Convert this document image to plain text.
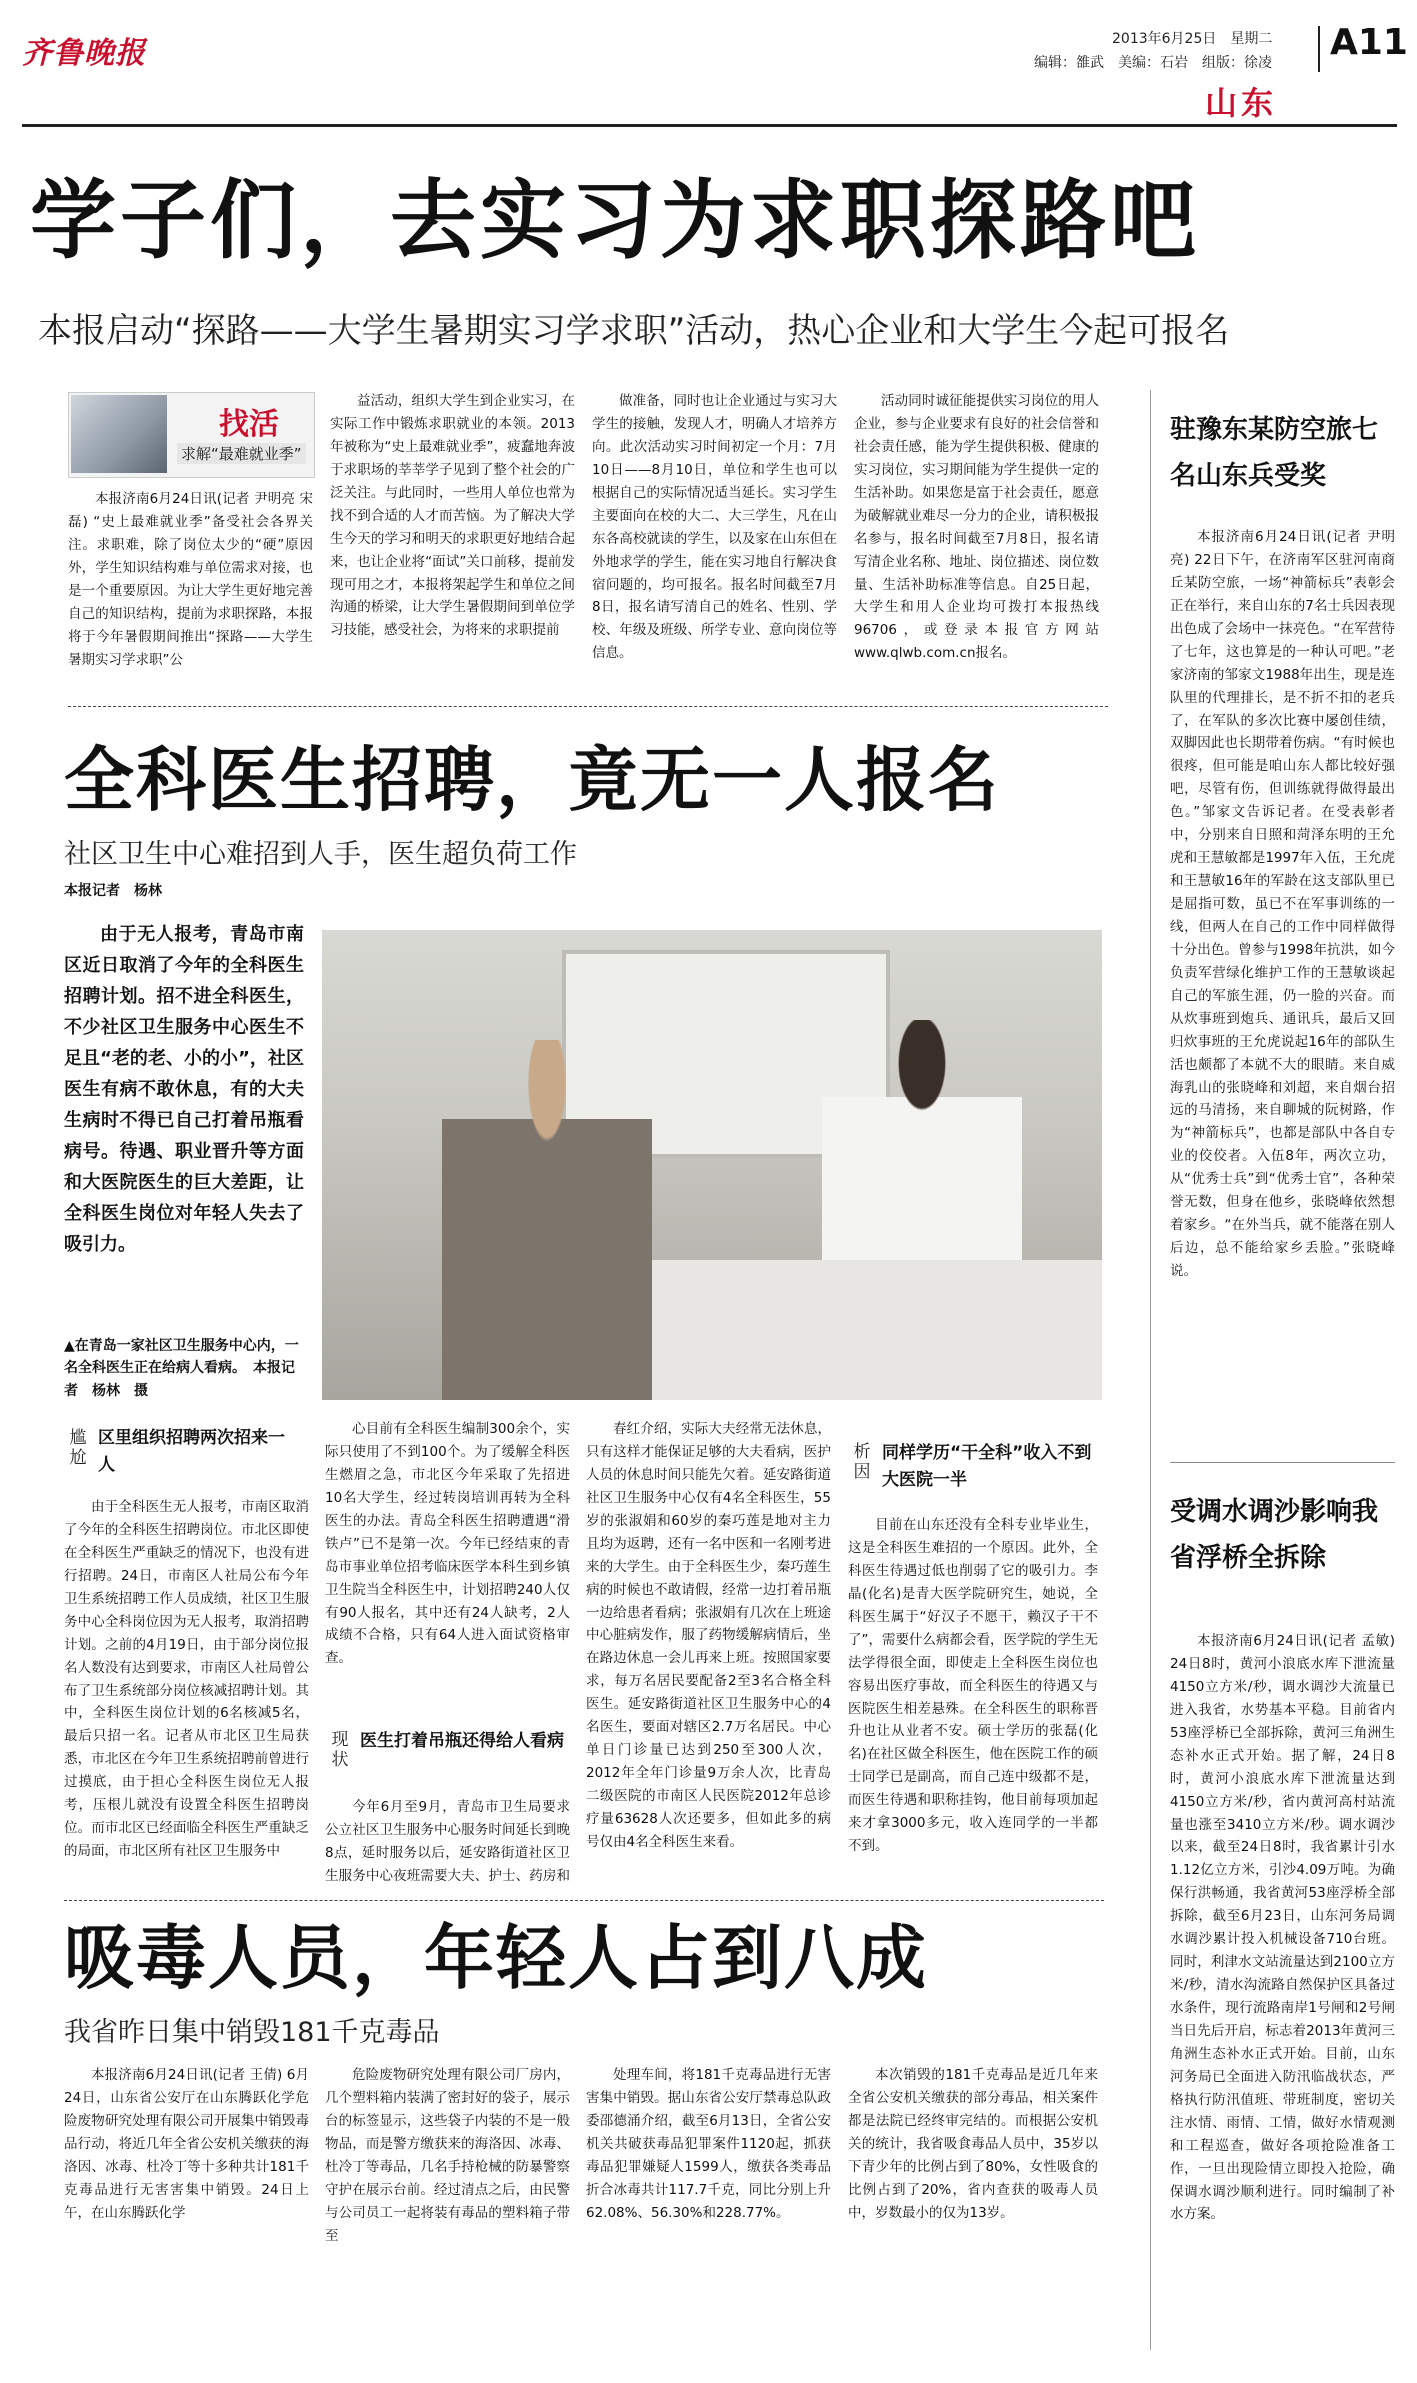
齐鲁晚报	2013年6月25日　星期二
编辑：雒武　美编：石岩　组版：徐凌 A11
山东
学子们，去实习为求职探路吧
本报启动“探路——大学生暑期实习学求职”活动，热心企业和大学生今起可报名
找活
求解“最难就业季”

本报济南6月24日讯(记者 尹明亮 宋磊) “史上最难就业季”备受社会各界关注。求职难，除了岗位太少的“硬”原因外，学生知识结构难与单位需求对接，也是一个重要原因。为让大学生更好地完善自己的知识结构，提前为求职探路，本报将于今年暑假期间推出“探路——大学生暑期实习学求职”公

益活动，组织大学生到企业实习，在实际工作中锻炼求职就业的本领。2013年被称为“史上最难就业季”，疲蠢地奔波于求职场的莘莘学子见到了整个社会的广泛关注。与此同时，一些用人单位也常为找不到合适的人才而苦恼。为了解决大学生今天的学习和明天的求职更好地结合起来，也让企业将“面试”关口前移，提前发现可用之才，本报将架起学生和单位之间沟通的桥梁，让大学生暑假期间到单位学习技能，感受社会，为将来的求职提前

做准备，同时也让企业通过与实习大学生的接触，发现人才，明确人才培养方向。此次活动实习时间初定一个月：7月10日——8月10日，单位和学生也可以根据自己的实际情况适当延长。实习学生主要面向在校的大二、大三学生，凡在山东各高校就读的学生，以及家在山东但在外地求学的学生，能在实习地自行解决食宿问题的，均可报名。报名时间截至7月8日，报名请写清自己的姓名、性别、学校、年级及班级、所学专业、意向岗位等信息。

活动同时诚征能提供实习岗位的用人企业，参与企业要求有良好的社会信誉和社会责任感，能为学生提供积极、健康的实习岗位，实习期间能为学生提供一定的生活补助。如果您是富于社会责任，愿意为破解就业难尽一分力的企业，请积极报名参与，报名时间截至7月8日，报名请写清企业名称、地址、岗位描述、岗位数量、生活补助标准等信息。自25日起，大学生和用人企业均可拨打本报热线96706，或登录本报官方网站www.qlwb.com.cn报名。

驻豫东某防空旅七名山东兵受奖

本报济南6月24日讯(记者 尹明亮) 22日下午，在济南军区驻河南商丘某防空旅，一场“神箭标兵”表彰会正在举行，来自山东的7名士兵因表现出色成了会场中一抹亮色。“在军营待了七年，这也算是的一种认可吧。”老家济南的邹家文1988年出生，现是连队里的代理排长，是不折不扣的老兵了，在军队的多次比赛中屡创佳绩，双脚因此也长期带着伤病。“有时候也很疼，但可能是咱山东人都比较好强吧，尽管有伤，但训练就得做得最出色。”邹家文告诉记者。在受表彰者中，分别来自日照和菏泽东明的王允虎和王慧敏都是1997年入伍，王允虎和王慧敏16年的军龄在这支部队里已是屈指可数，虽已不在军事训练的一线，但两人在自己的工作中同样做得十分出色。曾参与1998年抗洪，如今负责军营绿化维护工作的王慧敏谈起自己的军旅生涯，仍一脸的兴奋。而从炊事班到炮兵、通讯兵，最后又回归炊事班的王允虎说起16年的部队生活也颇都了本就不大的眼睛。来自威海乳山的张晓峰和刘超，来自烟台招远的马清扬，来自聊城的阮树路，作为“神箭标兵”，也都是部队中各自专业的佼佼者。入伍8年，两次立功，从“优秀士兵”到“优秀士官”，各种荣誉无数，但身在他乡，张晓峰依然想着家乡。“在外当兵，就不能落在别人后边，总不能给家乡丢脸。”张晓峰说。

受调水调沙影响我省浮桥全拆除

本报济南6月24日讯(记者 孟敏) 24日8时，黄河小浪底水库下泄流量4150立方米/秒，调水调沙大流量已进入我省，水势基本平稳。目前省内53座浮桥已全部拆除，黄河三角洲生态补水正式开始。据了解，24日8时，黄河小浪底水库下泄流量达到4150立方米/秒，省内黄河高村站流量也涨至3410立方米/秒。调水调沙以来，截至24日8时，我省累计引水1.12亿立方米，引沙4.09万吨。为确保行洪畅通，我省黄河53座浮桥全部拆除，截至6月23日，山东河务局调水调沙累计投入机械设备710台班。同时，利津水文站流量达到2100立方米/秒，清水沟流路自然保护区具备过水条件，现行流路南岸1号闸和2号闸当日先后开启，标志着2013年黄河三角洲生态补水正式开始。目前，山东河务局已全面进入防汛临战状态，严格执行防汛值班、带班制度，密切关注水情、雨情、工情，做好水情观测和工程巡查，做好各项抢险准备工作，一旦出现险情立即投入抢险，确保调水调沙顺利进行。同时编制了补水方案。

全科医生招聘，竟无一人报名
社区卫生中心难招到人手，医生超负荷工作
本报记者　杨林

由于无人报考，青岛市南区近日取消了今年的全科医生招聘计划。招不进全科医生，不少社区卫生服务中心医生不足且“老的老、小的小”，社区医生有病不敢休息，有的大夫生病时不得已自己打着吊瓶看病号。待遇、职业晋升等方面和大医院医生的巨大差距，让全科医生岗位对年轻人失去了吸引力。

▲在青岛一家社区卫生服务中心内，一名全科医生正在给病人看病。　本报记者　杨林　摄
尴尬
区里组织招聘两次招来一人

由于全科医生无人报考，市南区取消了今年的全科医生招聘岗位。市北区即使在全科医生严重缺乏的情况下，也没有进行招聘。24日，市南区人社局公布今年卫生系统招聘工作人员成绩，社区卫生服务中心全科岗位因为无人报考，取消招聘计划。之前的4月19日，由于部分岗位报名人数没有达到要求，市南区人社局曾公布了卫生系统部分岗位核减招聘计划。其中，全科医生岗位计划的6名核减5名，最后只招一名。记者从市北区卫生局获悉，市北区在今年卫生系统招聘前曾进行过摸底，由于担心全科医生岗位无人报考，压根儿就没有设置全科医生招聘岗位。而市北区已经面临全科医生严重缺乏的局面，市北区所有社区卫生服务中

心目前有全科医生编制300余个，实际只使用了不到100个。为了缓解全科医生燃眉之急，市北区今年采取了先招进10名大学生，经过转岗培训再转为全科医生的办法。青岛全科医生招聘遭遇“滑铁卢”已不是第一次。今年已经结束的青岛市事业单位招考临床医学本科生到乡镇卫生院当全科医生中，计划招聘240人仅有90人报名，其中还有24人缺考，2人成绩不合格，只有64人进入面试资格审查。

现状
医生打着吊瓶还得给人看病

今年6月至9月，青岛市卫生局要求公立社区卫生服务中心服务时间延长到晚8点，延时服务以后，延安路街道社区卫生服务中心夜班需要大夫、护士、药房和

春红介绍，实际大夫经常无法休息，只有这样才能保证足够的大夫看病，医护人员的休息时间只能先欠着。延安路街道社区卫生服务中心仅有4名全科医生，55岁的张淑娟和60岁的秦巧莲是地对主力且均为返聘，还有一名中医和一名刚考进来的大学生。由于全科医生少，秦巧莲生病的时候也不敢请假，经常一边打着吊瓶一边给患者看病；张淑娟有几次在上班途中心脏病发作，服了药物缓解病情后，坐在路边休息一会儿再来上班。按照国家要求，每万名居民要配备2至3名合格全科医生。延安路街道社区卫生服务中心的4名医生，要面对辖区2.7万名居民。中心单日门诊量已达到250至300人次，2012年全年门诊量9万余人次，比青岛二级医院的市南区人民医院2012年总诊疗量63628人次还要多，但如此多的病号仅由4名全科医生来看。

析因
同样学历“干全科”收入不到大医院一半

目前在山东还没有全科专业毕业生，这是全科医生难招的一个原因。此外，全科医生待遇过低也削弱了它的吸引力。李晶(化名)是青大医学院研究生，她说，全科医生属于“好汉子不愿干，赖汉子干不了”，需要什么病都会看，医学院的学生无法学得很全面，即使走上全科医生岗位也容易出医疗事故，而全科医生的待遇又与医院医生相差悬殊。在全科医生的职称晋升也让从业者不安。硕士学历的张磊(化名)在社区做全科医生，他在医院工作的硕士同学已是副高，而自己连中级都不是，而医生待遇和职称挂钩，他目前每项加起来才拿3000多元，收入连同学的一半都不到。

吸毒人员，年轻人占到八成
我省昨日集中销毁181千克毒品

本报济南6月24日讯(记者 王倩) 6月24日，山东省公安厅在山东腾跃化学危险废物研究处理有限公司开展集中销毁毒品行动，将近几年全省公安机关缴获的海洛因、冰毒、杜冷丁等十多种共计181千克毒品进行无害害集中销毁。24日上午，在山东腾跃化学

危险废物研究处理有限公司厂房内，几个塑料箱内装满了密封好的袋子，展示台的标签显示，这些袋子内装的不是一般物品，而是警方缴获来的海洛因、冰毒、杜冷丁等毒品，几名手持枪械的防暴警察守护在展示台前。经过清点之后，由民警与公司员工一起将装有毒品的塑料箱子带至

处理车间，将181千克毒品进行无害害集中销毁。据山东省公安厅禁毒总队政委邵德涌介绍，截至6月13日，全省公安机关共破获毒品犯罪案件1120起，抓获毒品犯罪嫌疑人1599人，缴获各类毒品折合冰毒共计117.7千克，同比分别上升62.08%、56.30%和228.77%。

本次销毁的181千克毒品是近几年来全省公安机关缴获的部分毒品，相关案件都是法院已经终审完结的。而根据公安机关的统计，我省吸食毒品人员中，35岁以下青少年的比例占到了80%，女性吸食的比例占到了20%，省内查获的吸毒人员中，岁数最小的仅为13岁。
